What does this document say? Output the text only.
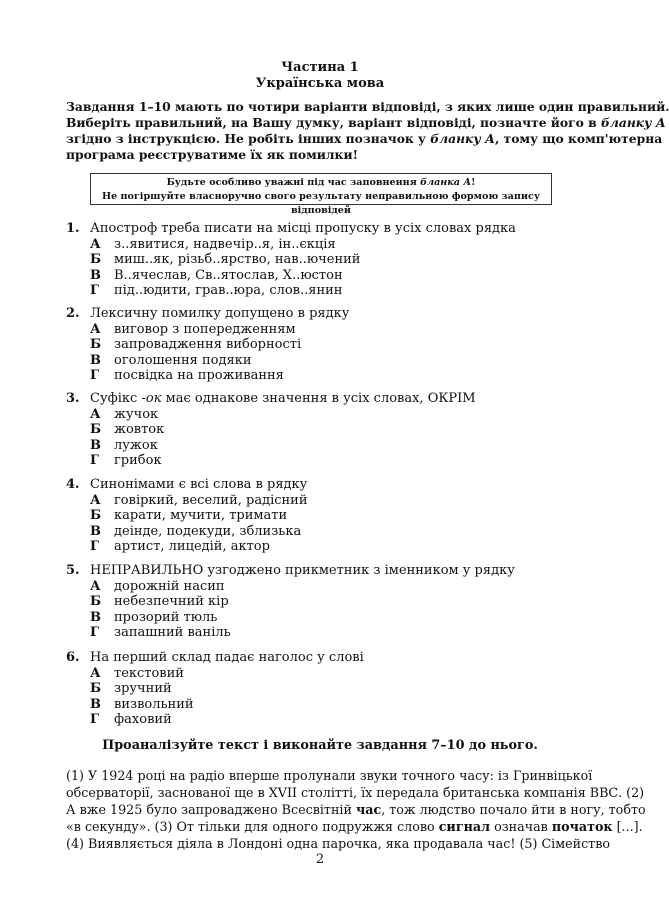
Частина 1
Українська мова
Завдання 1–10 мають по чотири варіанти відповіді, з яких лише один правильний.
Виберіть правильний, на Вашу думку, варіант відповіді, позначте його в бланку А
згідно з інструкцією. Не робіть інших позначок у бланку А, тому що комп'ютерна
програма реєструватиме їх як помилки!
Будьте особливо уважні під час заповнення бланка А!
Не погіршуйте власноручно свого результату неправильною формою запису відповідей
1. Апостроф треба писати на місці пропуску в усіх словах рядка
А з..явитися, надвечір..я, ін..єкція
Б миш..як, різьб..ярство, нав..ючений
В В..ячеслав, Св..ятослав, Х..юстон
Г під..юдити, грав..юра, слов..янин
2. Лексичну помилку допущено в рядку
А виговор з попередженням
Б запровадження виборності
В оголошення подяки
Г посвідка на проживання
3. Суфікс -ок має однакове значення в усіх словах, ОКРІМ
А жучок
Б жовток
В лужок
Г грибок
4. Синонімами є всі слова в рядку
А говіркий, веселий, радісний
Б карати, мучити, тримати
В деінде, подекуди, зблизька
Г артист, лицедій, актор
5. НЕПРАВИЛЬНО узгоджено прикметник з іменником у рядку
А дорожній насип
Б небезпечний кір
В прозорий тюль
Г запашний ваніль
6. На перший склад падає наголос у слові
А текстовий
Б зручний
В визвольний
Г фаховий
Проаналізуйте текст і виконайте завдання 7–10 до нього.
(1) У 1924 році на радіо вперше пролунали звуки точного часу: із Гринвіцької
обсерваторії, заснованої ще в XVII столітті, їх передала британська компанія ВВС. (2)
А вже 1925 було запроваджено Всесвітній час, тож людство почало йти в ногу, тобто
«в секунду». (3) От тільки для одного подружжя слово сигнал означав початок [...].
(4) Виявляється діяла в Лондоні одна парочка, яка продавала час! (5) Сімейство
2
